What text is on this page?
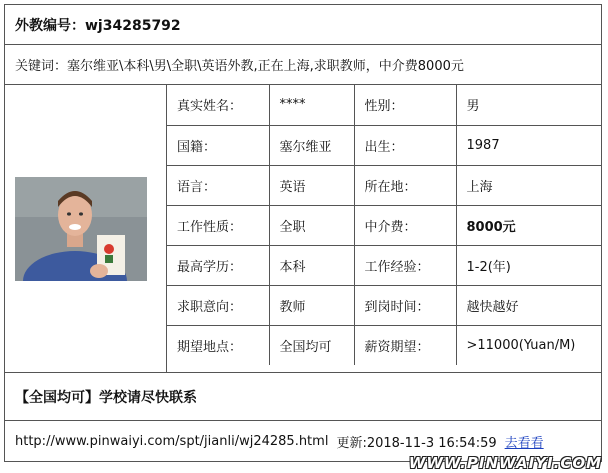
外教编号：wj34285792
关键词：塞尔维亚\本科\男\全职\英语外教,正在上海,求职教师，中介费8000元
真实姓名：	****	性别：	男
国籍：	塞尔维亚	出生：	1987
语言：	英语	所在地：	上海
工作性质：	全职	中介费：	8000元
最高学历：	本科	工作经验：	1-2(年)
求职意向：	教师	到岗时间：	越快越好
期望地点：	全国均可	薪资期望：	>11000(Yuan/M)
【全国均可】学校请尽快联系
http://www.pinwaiyi.com/spt/jianli/wj24285.html 更新:2018-11-3 16:54:59 去看看
WWW.PINWAIYI.COM
